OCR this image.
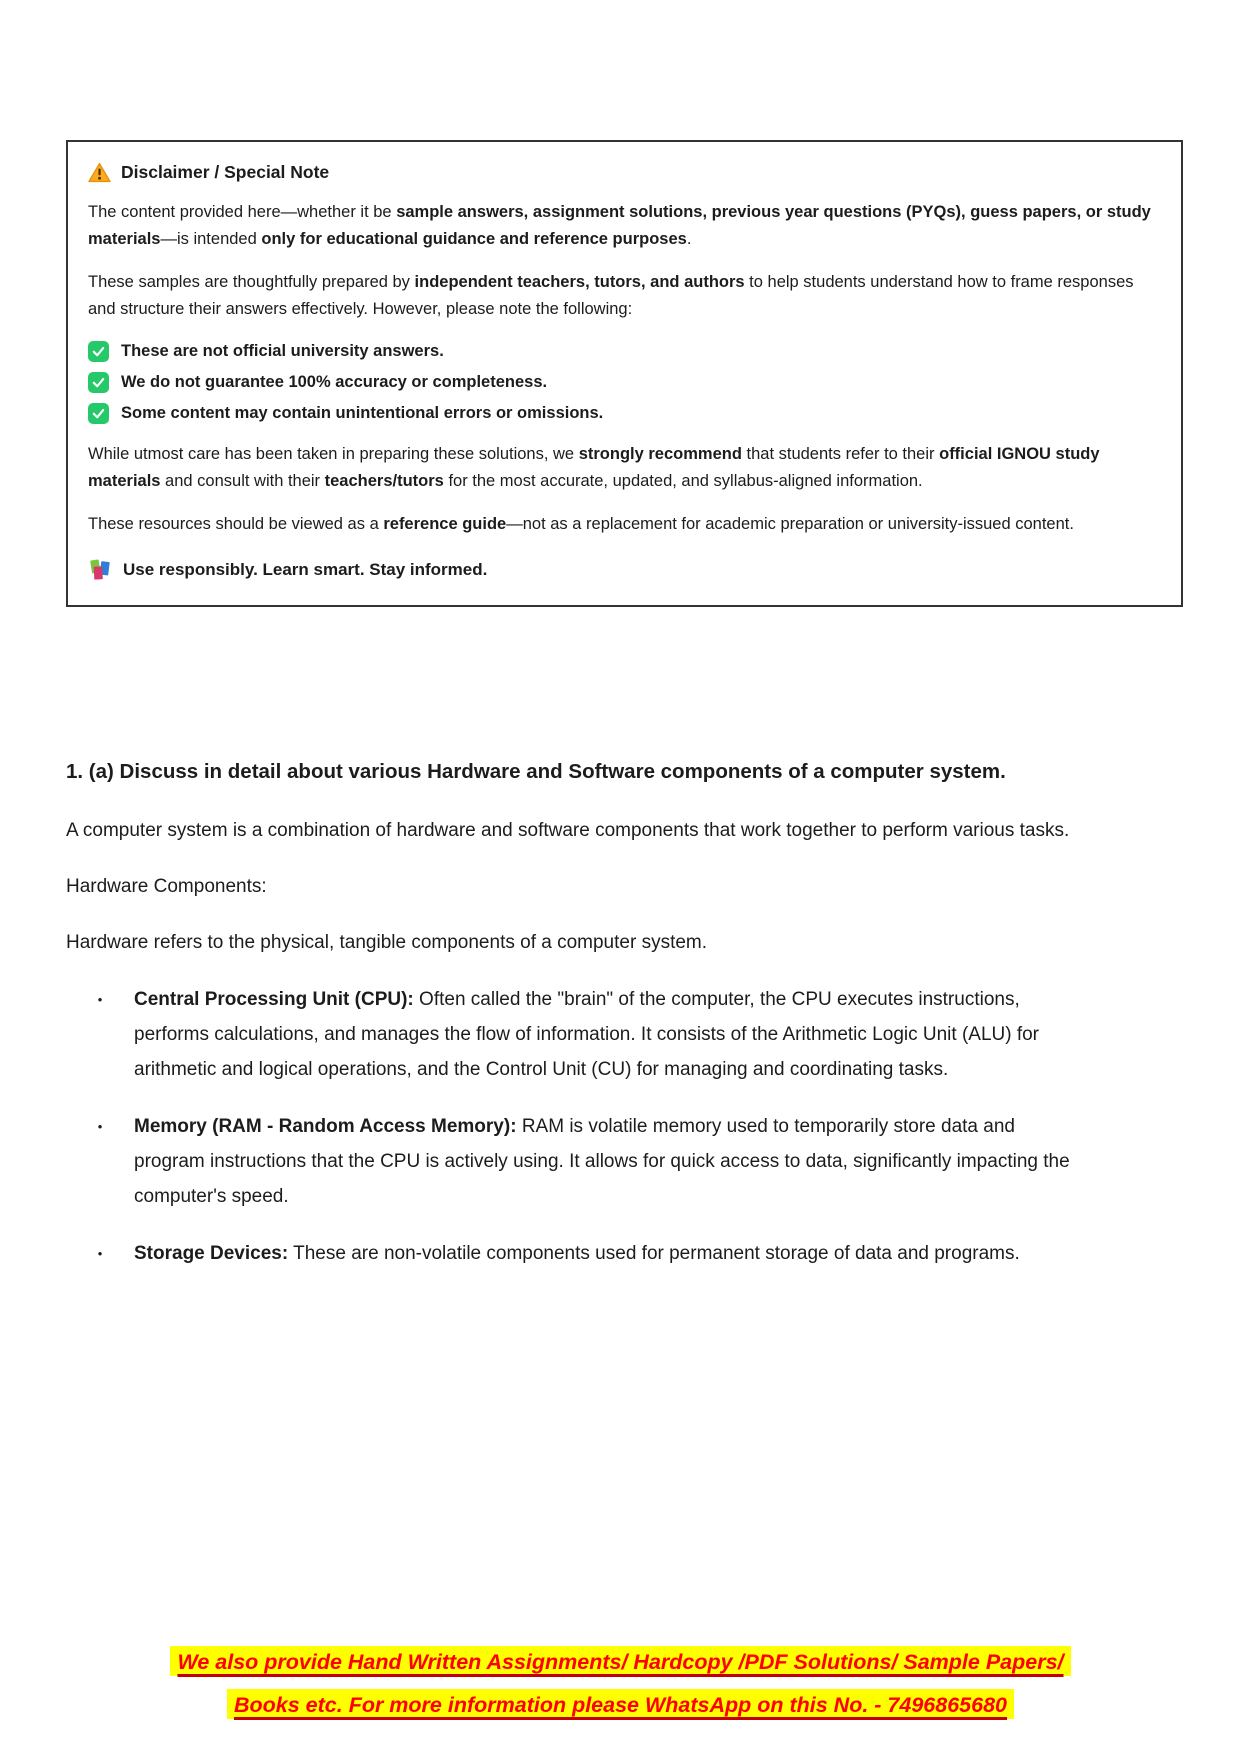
Disclaimer / Special Note

The content provided here—whether it be sample answers, assignment solutions, previous year questions (PYQs), guess papers, or study materials—is intended only for educational guidance and reference purposes.

These samples are thoughtfully prepared by independent teachers, tutors, and authors to help students understand how to frame responses and structure their answers effectively. However, please note the following:

These are not official university answers.
We do not guarantee 100% accuracy or completeness.
Some content may contain unintentional errors or omissions.

While utmost care has been taken in preparing these solutions, we strongly recommend that students refer to their official IGNOU study materials and consult with their teachers/tutors for the most accurate, updated, and syllabus-aligned information.

These resources should be viewed as a reference guide—not as a replacement for academic preparation or university-issued content.

Use responsibly. Learn smart. Stay informed.
1. (a) Discuss in detail about various Hardware and Software components of a computer system.

A computer system is a combination of hardware and software components that work together to perform various tasks.

Hardware Components:

Hardware refers to the physical, tangible components of a computer system.

•	Central Processing Unit (CPU): Often called the "brain" of the computer, the CPU executes instructions, performs calculations, and manages the flow of information. It consists of the Arithmetic Logic Unit (ALU) for arithmetic and logical operations, and the Control Unit (CU) for managing and coordinating tasks.
•	Memory (RAM - Random Access Memory): RAM is volatile memory used to temporarily store data and program instructions that the CPU is actively using. It allows for quick access to data, significantly impacting the computer's speed.
•	Storage Devices: These are non-volatile components used for permanent storage of data and programs.
We also provide Hand Written Assignments/ Hardcopy /PDF Solutions/ Sample Papers/
Books etc. For more information please WhatsApp on this No. - 7496865680
